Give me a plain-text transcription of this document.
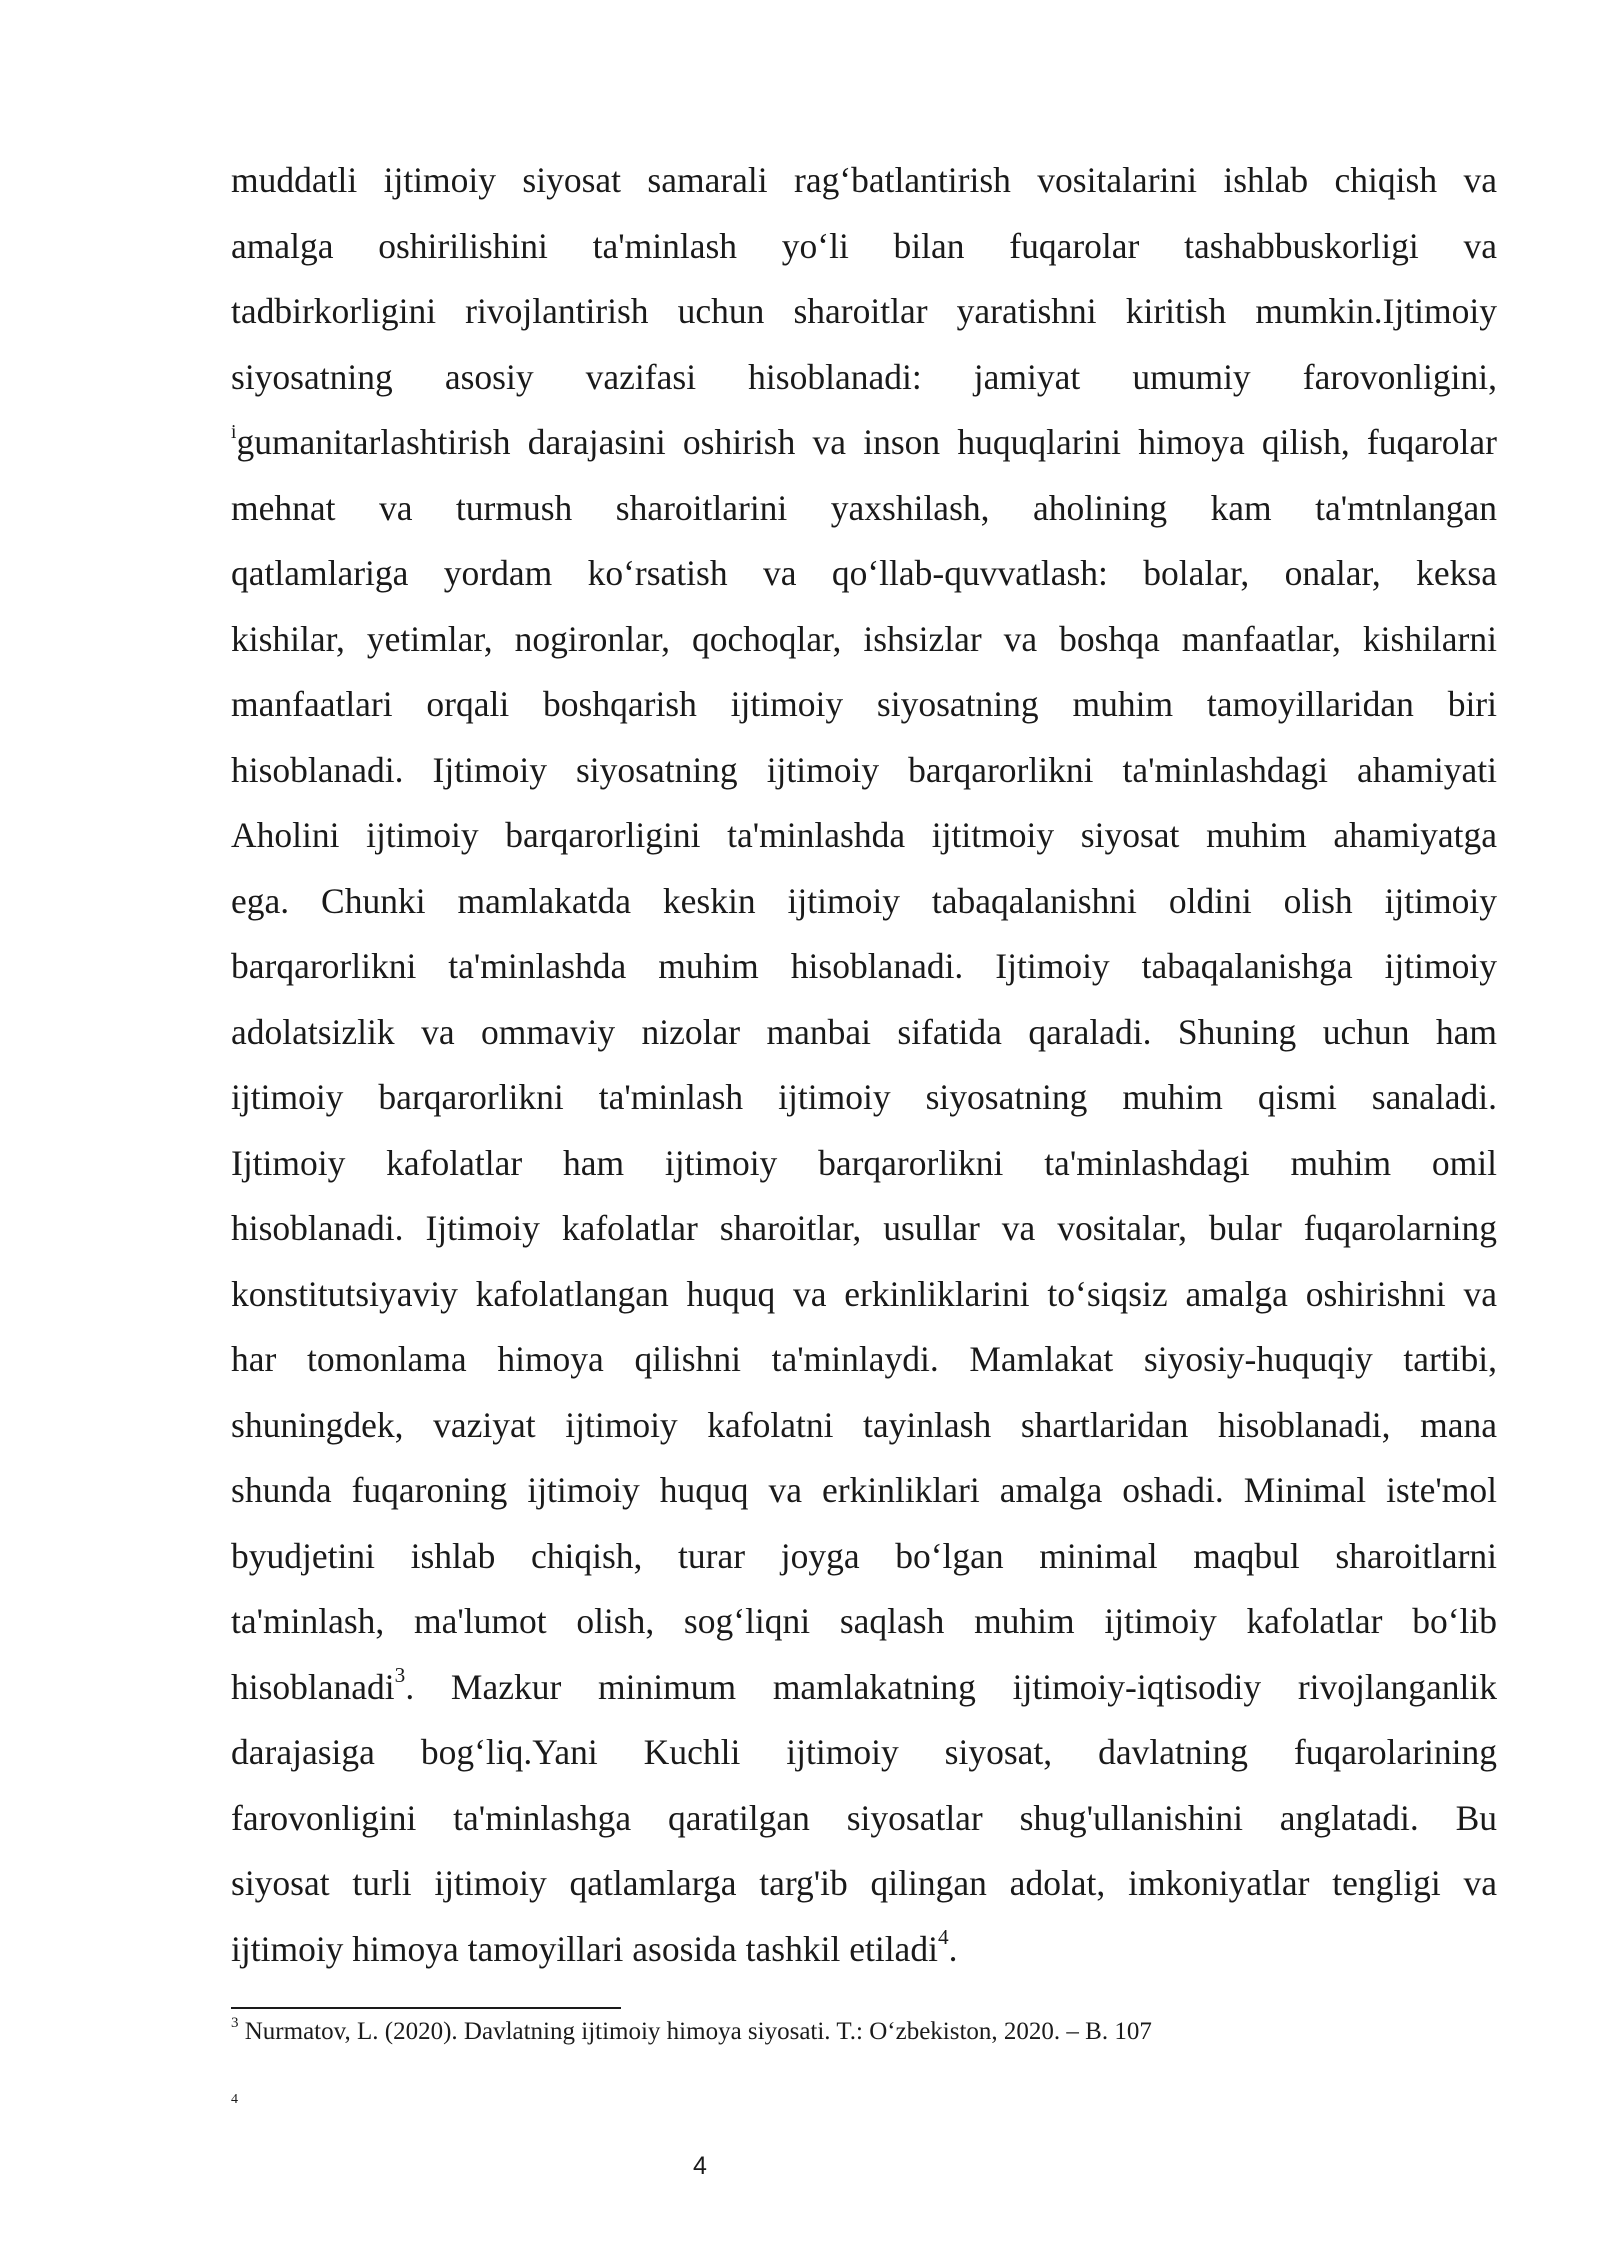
muddatli ijtimoiy siyosat samarali rag‘batlantirish vositalarini ishlab chiqish va
amalga oshirilishini ta'minlash yo‘li bilan fuqarolar tashabbuskorligi va
tadbirkorligini rivojlantirish uchun sharoitlar yaratishni kiritish mumkin.Ijtimoiy
siyosatning asosiy vazifasi hisoblanadi: jamiyat umumiy farovonligini,
$^i$gumanitarlashtirish darajasini oshirish va inson huquqlarini himoya qilish, fuqarolar
mehnat va turmush sharoitlarini yaxshilash, aholining kam ta'mtnlangan
qatlamlariga yordam ko‘rsatish va qo‘llab-quvvatlash: bolalar, onalar, keksa
kishilar, yetimlar, nogironlar, qochoqlar, ishsizlar va boshqa manfaatlar, kishilarni
manfaatlari orqali boshqarish ijtimoiy siyosatning muhim tamoyillaridan biri
hisoblanadi. Ijtimoiy siyosatning ijtimoiy barqarorlikni ta'minlashdagi ahamiyati
Aholini ijtimoiy barqarorligini ta'minlashda ijtitmoiy siyosat muhim ahamiyatga
ega. Chunki mamlakatda keskin ijtimoiy tabaqalanishni oldini olish ijtimoiy
barqarorlikni ta'minlashda muhim hisoblanadi. Ijtimoiy tabaqalanishga ijtimoiy
adolatsizlik va ommaviy nizolar manbai sifatida qaraladi. Shuning uchun ham
ijtimoiy barqarorlikni ta'minlash ijtimoiy siyosatning muhim qismi sanaladi.
Ijtimoiy kafolatlar ham ijtimoiy barqarorlikni ta'minlashdagi muhim omil
hisoblanadi. Ijtimoiy kafolatlar sharoitlar, usullar va vositalar, bular fuqarolarning
konstitutsiyaviy kafolatlangan huquq va erkinliklarini to‘siqsiz amalga oshirishni va
har tomonlama himoya qilishni ta'minlaydi. Mamlakat siyosiy-huquqiy tartibi,
shuningdek, vaziyat ijtimoiy kafolatni tayinlash shartlaridan hisoblanadi, mana
shunda fuqaroning ijtimoiy huquq va erkinliklari amalga oshadi. Minimal iste'mol
byudjetini ishlab chiqish, turar joyga bo‘lgan minimal maqbul sharoitlarni
ta'minlash, ma'lumot olish, sog‘liqni saqlash muhim ijtimoiy kafolatlar bo‘lib
hisoblanadi$^3$. Mazkur minimum mamlakatning ijtimoiy-iqtisodiy rivojlanganlik
darajasiga bog‘liq.Yani Kuchli ijtimoiy siyosat, davlatning fuqarolarining
farovonligini ta'minlashga qaratilgan siyosatlar shug'ullanishini anglatadi. Bu
siyosat turli ijtimoiy qatlamlarga targ'ib qilingan adolat, imkoniyatlar tengligi va
ijtimoiy himoya tamoyillari asosida tashkil etiladi$^4$.
$^3$ Nurmatov, L. (2020). Davlatning ijtimoiy himoya siyosati. T.: O‘zbekiston, 2020. – B. 107
4
4
